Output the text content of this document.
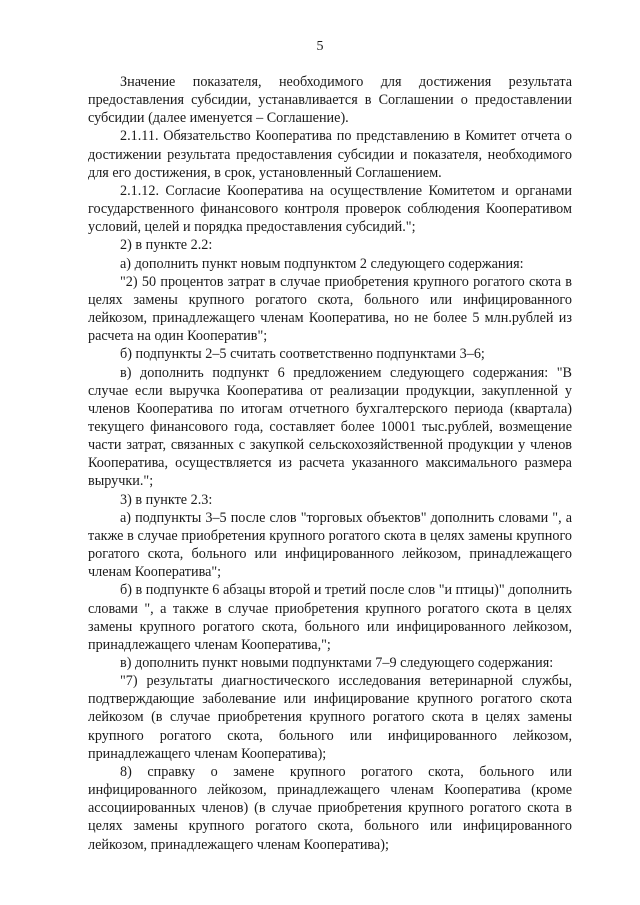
5

Значение показателя, необходимого для достижения результата предоставления субсидии, устанавливается в Соглашении о предоставлении субсидии (далее именуется – Соглашение).

2.1.11. Обязательство Кооператива по представлению в Комитет отчета о достижении результата предоставления субсидии и показателя, необходимого для его достижения, в срок, установленный Соглашением.

2.1.12. Согласие Кооператива на осуществление Комитетом и органами государственного финансового контроля проверок соблюдения Кооперативом условий, целей и порядка предоставления субсидий.";

2) в пункте 2.2:

а) дополнить пункт новым подпунктом 2 следующего содержания:

"2) 50 процентов затрат в случае приобретения крупного рогатого скота в целях замены крупного рогатого скота, больного или инфицированного лейкозом, принадлежащего членам Кооператива, но не более 5 млн.рублей из расчета на один Кооператив";

б) подпункты 2–5 считать соответственно подпунктами 3–6;

в) дополнить подпункт 6 предложением следующего содержания: "В случае если выручка Кооператива от реализации продукции, закупленной у членов Кооператива по итогам отчетного бухгалтерского периода (квартала) текущего финансового года, составляет более 10001 тыс.рублей, возмещение части затрат, связанных с закупкой сельскохозяйственной продукции у членов Кооператива, осуществляется из расчета указанного максимального размера выручки.";

3) в пункте 2.3:

а) подпункты 3–5 после слов "торговых объектов" дополнить словами ", а также в случае приобретения крупного рогатого скота в целях замены крупного рогатого скота, больного или инфицированного лейкозом, принадлежащего членам Кооператива";

б) в подпункте 6 абзацы второй и третий после слов "и птицы)" дополнить словами ", а также в случае приобретения крупного рогатого скота в целях замены крупного рогатого скота, больного или инфицированного лейкозом, принадлежащего членам Кооператива,";

в) дополнить пункт новыми подпунктами 7–9 следующего содержания:

"7) результаты диагностического исследования ветеринарной службы, подтверждающие заболевание или инфицирование крупного рогатого скота лейкозом (в случае приобретения крупного рогатого скота в целях замены крупного рогатого скота, больного или инфицированного лейкозом, принадлежащего членам Кооператива);

8) справку о замене крупного рогатого скота, больного или инфицированного лейкозом, принадлежащего членам Кооператива (кроме ассоциированных членов) (в случае приобретения крупного рогатого скота в целях замены крупного рогатого скота, больного или инфицированного лейкозом, принадлежащего членам Кооператива);
